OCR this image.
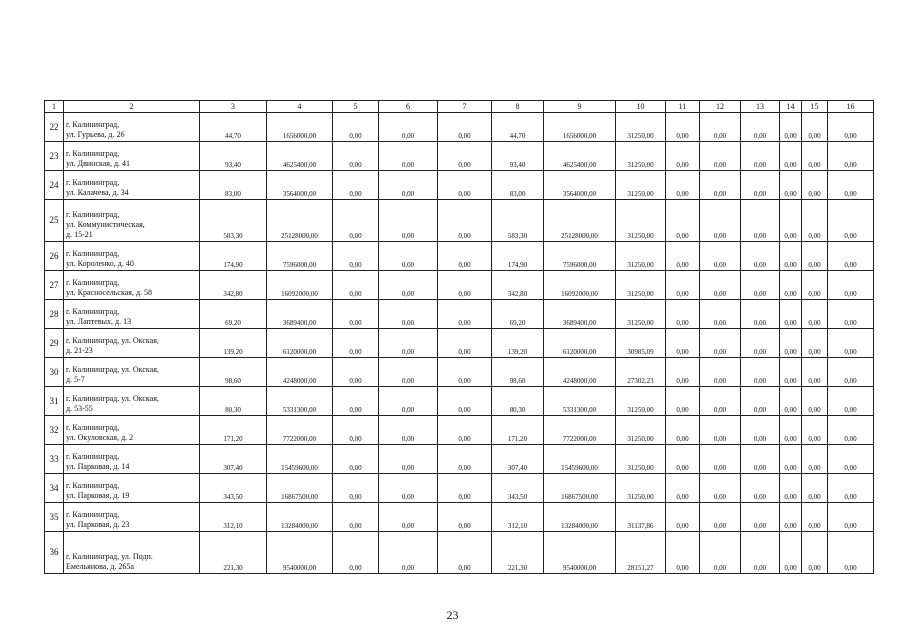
1	2	3	4	5	6	7	8	9	10	11	12	13	14	15	16
22	г. Калининград,
ул. Гурьева, д. 26	44,70	1656000,00	0,00	0,00	0,00	44,70	1656000,00	31250,00	0,00	0,00	0,00	0,00	0,00	0,00
23	г. Калининград,
ул. Двинская, д. 41	93,40	4625400,00	0,00	0,00	0,00	93,40	4625400,00	31250,00	0,00	0,00	0,00	0,00	0,00	0,00
24	г. Калининград,
ул. Калачева, д. 34	83,00	3564000,00	0,00	0,00	0,00	83,00	3564000,00	31250,00	0,00	0,00	0,00	0,00	0,00	0,00
25	г. Калининград,
ул. Коммунистическая,
д. 15-21	583,30	25128000,00	0,00	0,00	0,00	583,30	25128000,00	31250,00	0,00	0,00	0,00	0,00	0,00	0,00
26	г. Калининград,
ул. Короленко, д. 40	174,90	7596000,00	0,00	0,00	0,00	174,90	7596000,00	31250,00	0,00	0,00	0,00	0,00	0,00	0,00
27	г. Калининград,
ул. Красносельская, д. 58	342,80	16092000,00	0,00	0,00	0,00	342,80	16092000,00	31250,00	0,00	0,00	0,00	0,00	0,00	0,00
28	г. Калининград,
ул. Лаптевых, д. 13	69,20	3689400,00	0,00	0,00	0,00	69,20	3689400,00	31250,00	0,00	0,00	0,00	0,00	0,00	0,00
29	г. Калининград, ул. Окская,
д. 21-23	139,20	6120000,00	0,00	0,00	0,00	139,20	6120000,00	30985,09	0,00	0,00	0,00	0,00	0,00	0,00
30	г. Калининград, ул. Окская,
д. 5-7	98,60	4248000,00	0,00	0,00	0,00	98,60	4248000,00	27302,23	0,00	0,00	0,00	0,00	0,00	0,00
31	г. Калининград, ул. Окская,
д. 53-55	80,30	5331300,00	0,00	0,00	0,00	80,30	5331300,00	31250,00	0,00	0,00	0,00	0,00	0,00	0,00
32	г. Калининград,
ул. Окуловская, д. 2	171,20	7722000,00	0,00	0,00	0,00	171,20	7722000,00	31250,00	0,00	0,00	0,00	0,00	0,00	0,00
33	г. Калининград,
ул. Парковая, д. 14	307,40	15459600,00	0,00	0,00	0,00	307,40	15459600,00	31250,00	0,00	0,00	0,00	0,00	0,00	0,00
34	г. Калининград,
ул. Парковая, д. 19	343,50	16867500,00	0,00	0,00	0,00	343,50	16867500,00	31250,00	0,00	0,00	0,00	0,00	0,00	0,00
35	г. Калининград,
ул. Парковая, д. 23	312,10	13284000,00	0,00	0,00	0,00	312,10	13284000,00	31137,86	0,00	0,00	0,00	0,00	0,00	0,00
36	г. Калининград, ул. Подп.
Емельянова, д. 265а	221,30	9540000,00	0,00	0,00	0,00	221,30	9540000,00	28151,27	0,00	0,00	0,00	0,00	0,00	0,00
23
